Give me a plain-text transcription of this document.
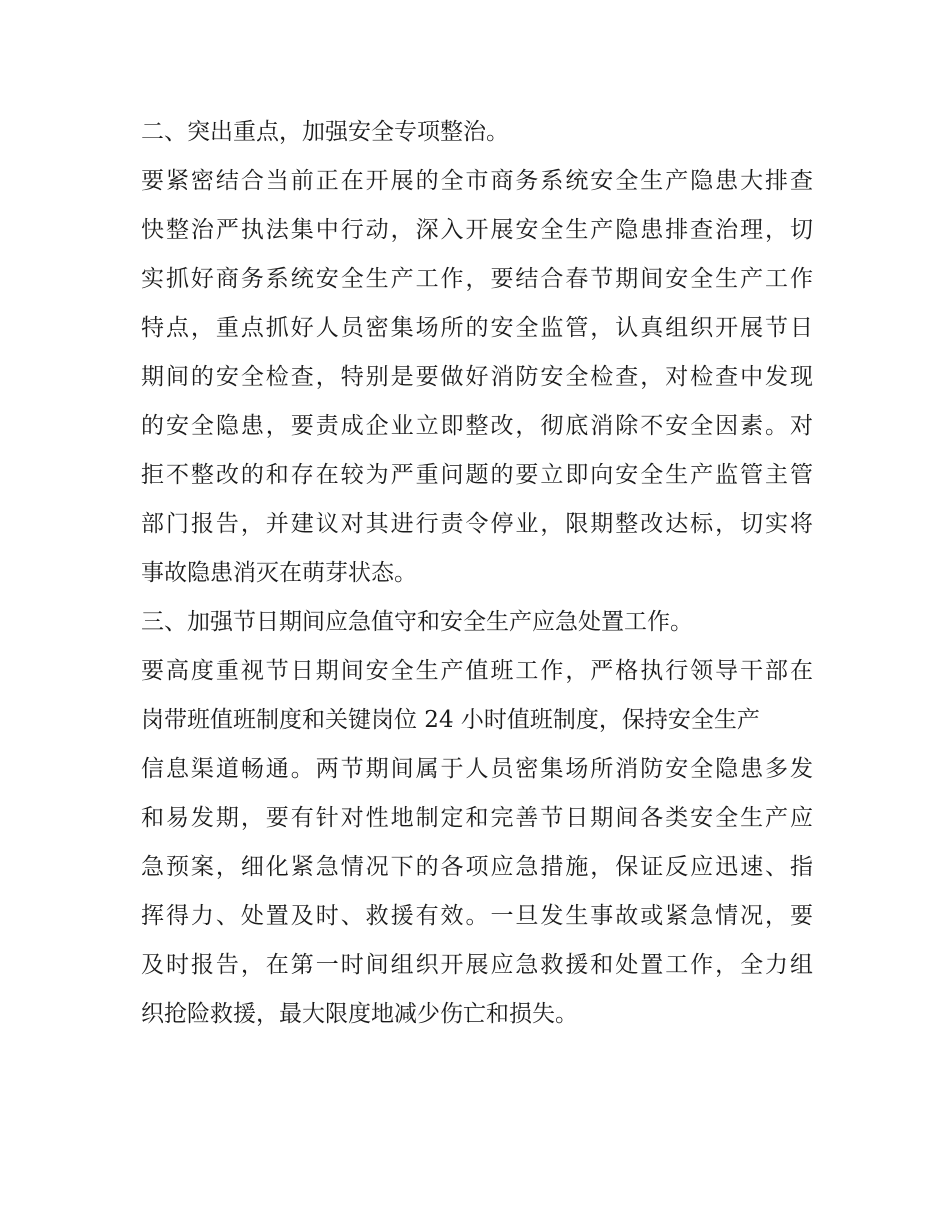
二、突出重点，加强安全专项整治。
要紧密结合当前正在开展的全市商务系统安全生产隐患大排查
快整治严执法集中行动，深入开展安全生产隐患排查治理，切
实抓好商务系统安全生产工作，要结合春节期间安全生产工作
特点，重点抓好人员密集场所的安全监管，认真组织开展节日
期间的安全检查，特别是要做好消防安全检查，对检查中发现
的安全隐患，要责成企业立即整改，彻底消除不安全因素。对
拒不整改的和存在较为严重问题的要立即向安全生产监管主管
部门报告，并建议对其进行责令停业，限期整改达标，切实将
事故隐患消灭在萌芽状态。
三、加强节日期间应急值守和安全生产应急处置工作。
要高度重视节日期间安全生产值班工作，严格执行领导干部在
岗带班值班制度和关键岗位 24 小时值班制度，保持安全生产
信息渠道畅通。两节期间属于人员密集场所消防安全隐患多发
和易发期，要有针对性地制定和完善节日期间各类安全生产应
急预案，细化紧急情况下的各项应急措施，保证反应迅速、指
挥得力、处置及时、救援有效。一旦发生事故或紧急情况，要
及时报告，在第一时间组织开展应急救援和处置工作，全力组
织抢险救援，最大限度地减少伤亡和损失。
